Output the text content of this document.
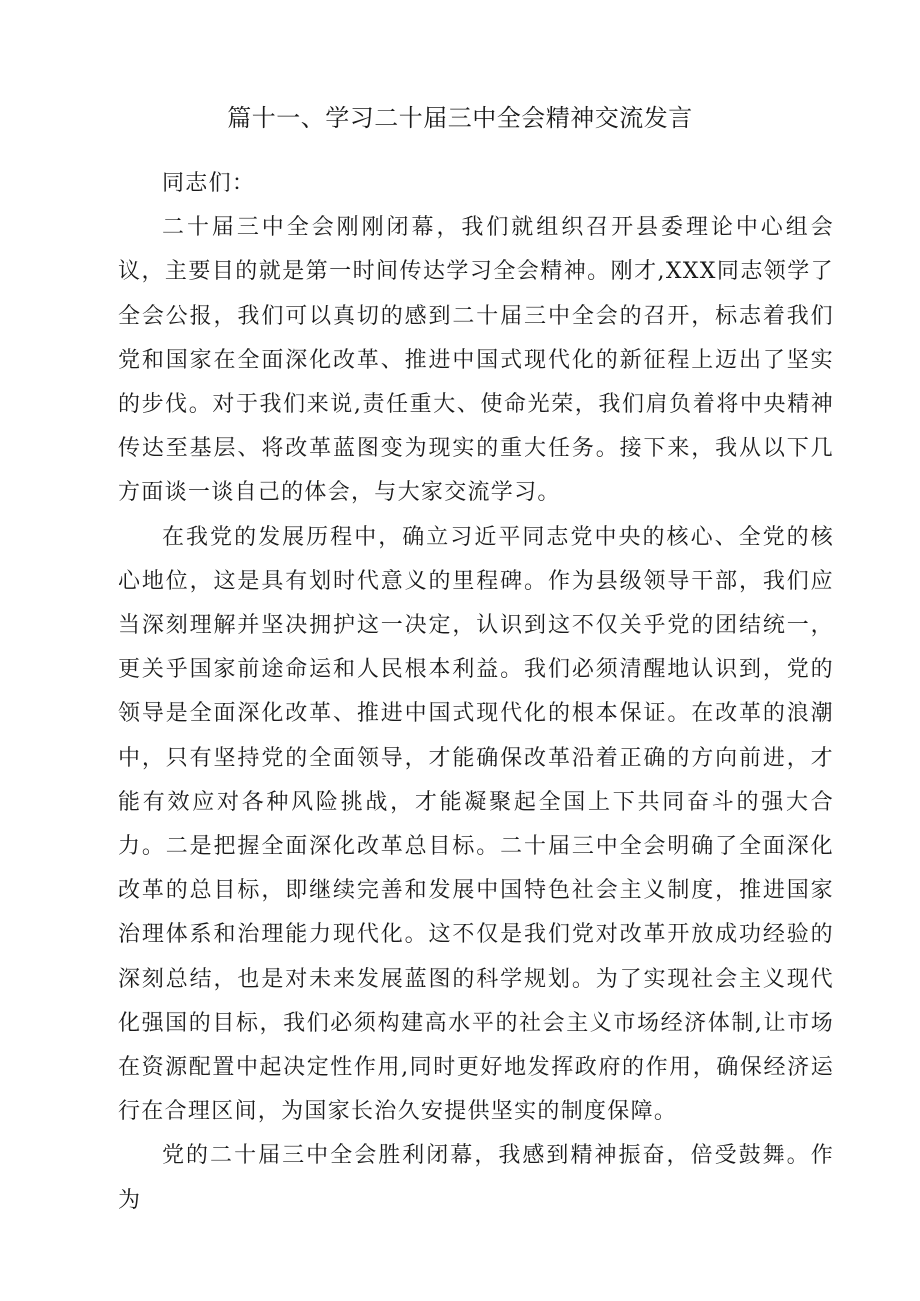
篇十一、学习二十届三中全会精神交流发言

同志们：

二十届三中全会刚刚闭幕，我们就组织召开县委理论中心组会议，主要目的就是第一时间传达学习全会精神。刚才,XXX同志领学了全会公报，我们可以真切的感到二十届三中全会的召开，标志着我们党和国家在全面深化改革、推进中国式现代化的新征程上迈出了坚实的步伐。对于我们来说,责任重大、使命光荣，我们肩负着将中央精神传达至基层、将改革蓝图变为现实的重大任务。接下来，我从以下几方面谈一谈自己的体会，与大家交流学习。

在我党的发展历程中，确立习近平同志党中央的核心、全党的核心地位，这是具有划时代意义的里程碑。作为县级领导干部，我们应当深刻理解并坚决拥护这一决定，认识到这不仅关乎党的团结统一，更关乎国家前途命运和人民根本利益。我们必须清醒地认识到，党的领导是全面深化改革、推进中国式现代化的根本保证。在改革的浪潮中，只有坚持党的全面领导，才能确保改革沿着正确的方向前进，才能有效应对各种风险挑战，才能凝聚起全国上下共同奋斗的强大合力。二是把握全面深化改革总目标。二十届三中全会明确了全面深化改革的总目标，即继续完善和发展中国特色社会主义制度，推进国家治理体系和治理能力现代化。这不仅是我们党对改革开放成功经验的深刻总结，也是对未来发展蓝图的科学规划。为了实现社会主义现代化强国的目标，我们必须构建高水平的社会主义市场经济体制,让市场在资源配置中起决定性作用,同时更好地发挥政府的作用，确保经济运行在合理区间，为国家长治久安提供坚实的制度保障。

党的二十届三中全会胜利闭幕，我感到精神振奋，倍受鼓舞。作为
